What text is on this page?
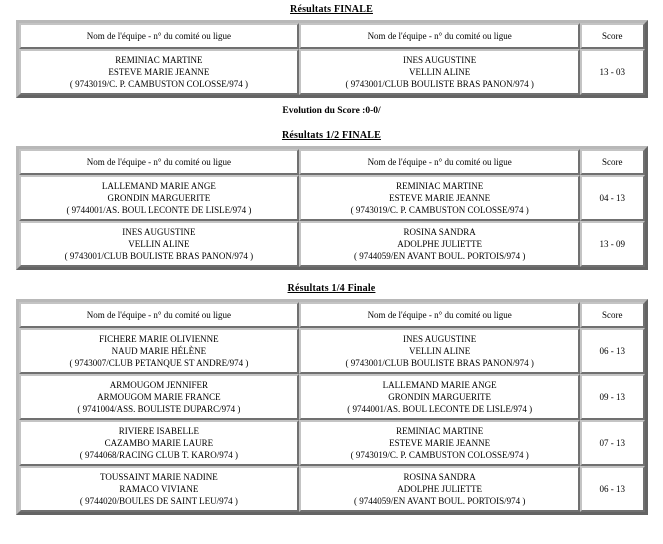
Résultats FINALE
Nom de l'équipe - n° du comité ou ligue	Nom de l'équipe - n° du comité ou ligue	Score

REMINIAC MARTINE
ESTEVE MARIE JEANNE
( 9743019/C. P. CAMBUSTON COLOSSE/974 )	INES AUGUSTINE
VELLIN ALINE
( 9743001/CLUB BOULISTE BRAS PANON/974 )	13 - 03
Evolution du Score :0-0/
Résultats 1/2 FINALE
Nom de l'équipe - n° du comité ou ligue	Nom de l'équipe - n° du comité ou ligue	Score

LALLEMAND MARIE ANGE
GRONDIN MARGUERITE
( 9744001/AS. BOUL LECONTE DE LISLE/974 )	REMINIAC MARTINE
ESTEVE MARIE JEANNE
( 9743019/C. P. CAMBUSTON COLOSSE/974 )	04 - 13

INES AUGUSTINE
VELLIN ALINE
( 9743001/CLUB BOULISTE BRAS PANON/974 )	ROSINA SANDRA
ADOLPHE JULIETTE
( 9744059/EN AVANT BOUL. PORTOIS/974 )	13 - 09
Résultats 1/4 Finale
Nom de l'équipe - n° du comité ou ligue	Nom de l'équipe - n° du comité ou ligue	Score

FICHERE MARIE OLIVIENNE
NAUD MARIE HÉLÈNE
( 9743007/CLUB PETANQUE ST ANDRE/974 )	INES AUGUSTINE
VELLIN ALINE
( 9743001/CLUB BOULISTE BRAS PANON/974 )	06 - 13

ARMOUGOM JENNIFER
ARMOUGOM MARIE FRANCE
( 9741004/ASS. BOULISTE DUPARC/974 )	LALLEMAND MARIE ANGE
GRONDIN MARGUERITE
( 9744001/AS. BOUL LECONTE DE LISLE/974 )	09 - 13

RIVIERE ISABELLE
CAZAMBO MARIE LAURE
( 9744068/RACING CLUB T. KARO/974 )	REMINIAC MARTINE
ESTEVE MARIE JEANNE
( 9743019/C. P. CAMBUSTON COLOSSE/974 )	07 - 13

TOUSSAINT MARIE NADINE
RAMACO VIVIANE
( 9744020/BOULES DE SAINT LEU/974 )	ROSINA SANDRA
ADOLPHE JULIETTE
( 9744059/EN AVANT BOUL. PORTOIS/974 )	06 - 13
